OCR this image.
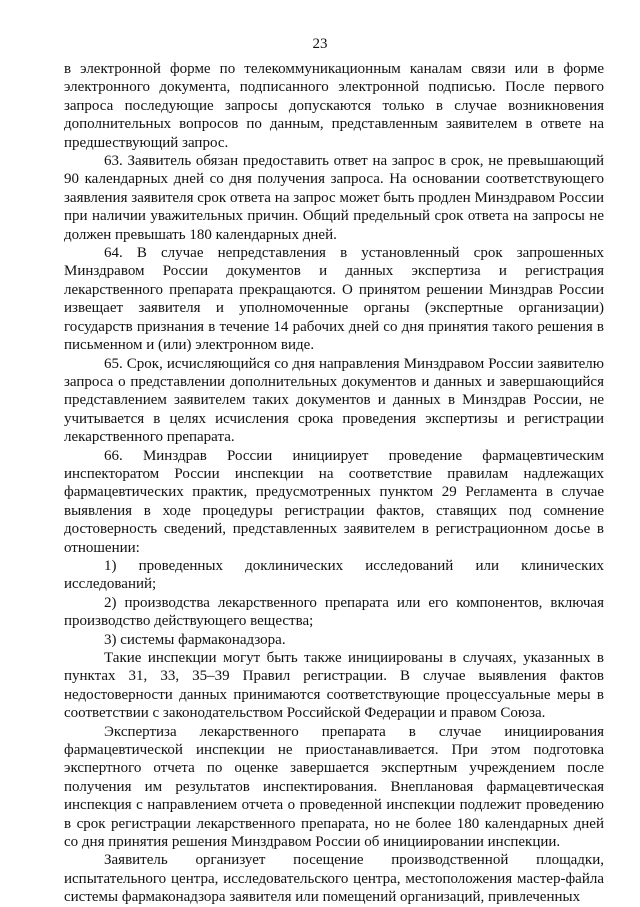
23

в электронной форме по телекоммуникационным каналам связи или в форме электронного документа, подписанного электронной подписью. После первого запроса последующие запросы допускаются только в случае возникновения дополнительных вопросов по данным, представленным заявителем в ответе на предшествующий запрос.

63. Заявитель обязан предоставить ответ на запрос в срок, не превышающий 90 календарных дней со дня получения запроса. На основании соответствующего заявления заявителя срок ответа на запрос может быть продлен Минздравом России при наличии уважительных причин. Общий предельный срок ответа на запросы не должен превышать 180 календарных дней.

64. В случае непредставления в установленный срок запрошенных Минздравом России документов и данных экспертиза и регистрация лекарственного препарата прекращаются. О принятом решении Минздрав России извещает заявителя и уполномоченные органы (экспертные организации) государств признания в течение 14 рабочих дней со дня принятия такого решения в письменном и (или) электронном виде.

65. Срок, исчисляющийся со дня направления Минздравом России заявителю запроса о представлении дополнительных документов и данных и завершающийся представлением заявителем таких документов и данных в Минздрав России, не учитывается в целях исчисления срока проведения экспертизы и регистрации лекарственного препарата.

66. Минздрав России инициирует проведение фармацевтическим инспекторатом России инспекции на соответствие правилам надлежащих фармацевтических практик, предусмотренных пунктом 29 Регламента в случае выявления в ходе процедуры регистрации фактов, ставящих под сомнение достоверность сведений, представленных заявителем в регистрационном досье в отношении:

1) проведенных доклинических исследований или клинических исследований;

2) производства лекарственного препарата или его компонентов, включая производство действующего вещества;

3) системы фармаконадзора.

Такие инспекции могут быть также инициированы в случаях, указанных в пунктах 31, 33, 35–39 Правил регистрации. В случае выявления фактов недостоверности данных принимаются соответствующие процессуальные меры в соответствии с законодательством Российской Федерации и правом Союза.

Экспертиза лекарственного препарата в случае инициирования фармацевтической инспекции не приостанавливается. При этом подготовка экспертного отчета по оценке завершается экспертным учреждением после получения им результатов инспектирования. Внеплановая фармацевтическая инспекция с направлением отчета о проведенной инспекции подлежит проведению в срок регистрации лекарственного препарата, но не более 180 календарных дней со дня принятия решения Минздравом России об инициировании инспекции.

Заявитель организует посещение производственной площадки, испытательного центра, исследовательского центра, местоположения мастер-файла системы фармаконадзора заявителя или помещений организаций, привлеченных
